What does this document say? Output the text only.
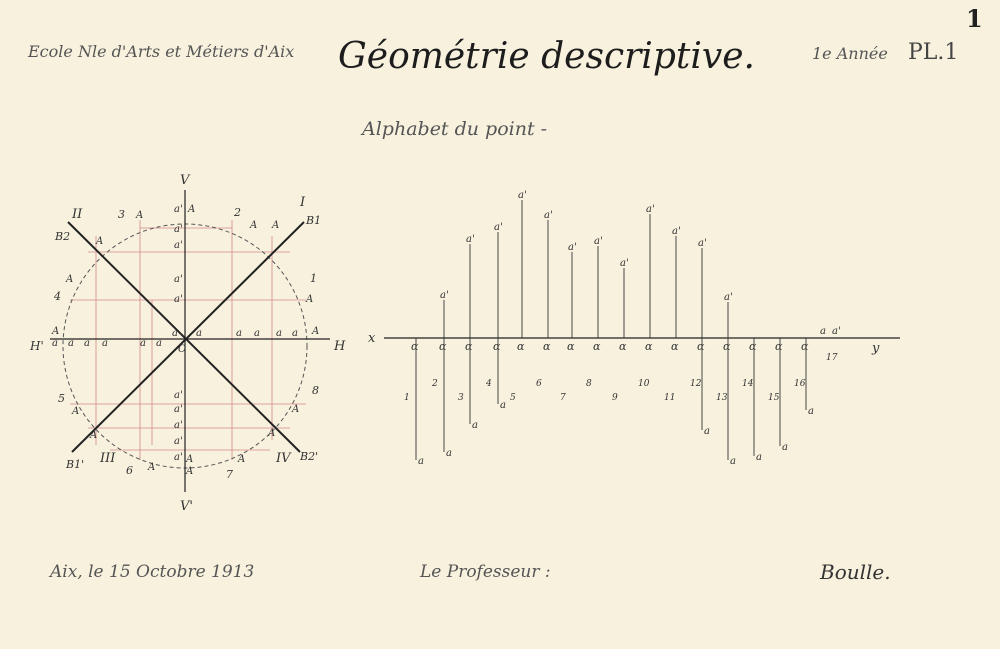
1
Ecole Nle d'Arts et Métiers d'Aix Géométrie descriptive.	1e Année PL.1
Alphabet du point -
V
V'
H
H'	O
I
II
III	IV
B1
B2
B1'
B2'
1
2
3
4
5
6	7
8
A
A
A
A
A
A
A
A	A
A	A
A	A
A
A
A
A
a a a a	a a
a a a a
a a
a'
a'
a'
a'
a'
a'
a'
a'
a'
a'
x
y
α
a
1
α
a'
a
2
α
a'
a
3
α
a'
a
4
α
a'
5
α
a'
6
α
a'
7
α
a'
8
α
a'
9
α
a'
10
α
a'
11
α
a'
a
12
α
a'
a
13
α
a
14
α
a
15
α
a
16
17
a a'
Aix, le 15 Octobre 1913	Le Professeur :	Boulle.
